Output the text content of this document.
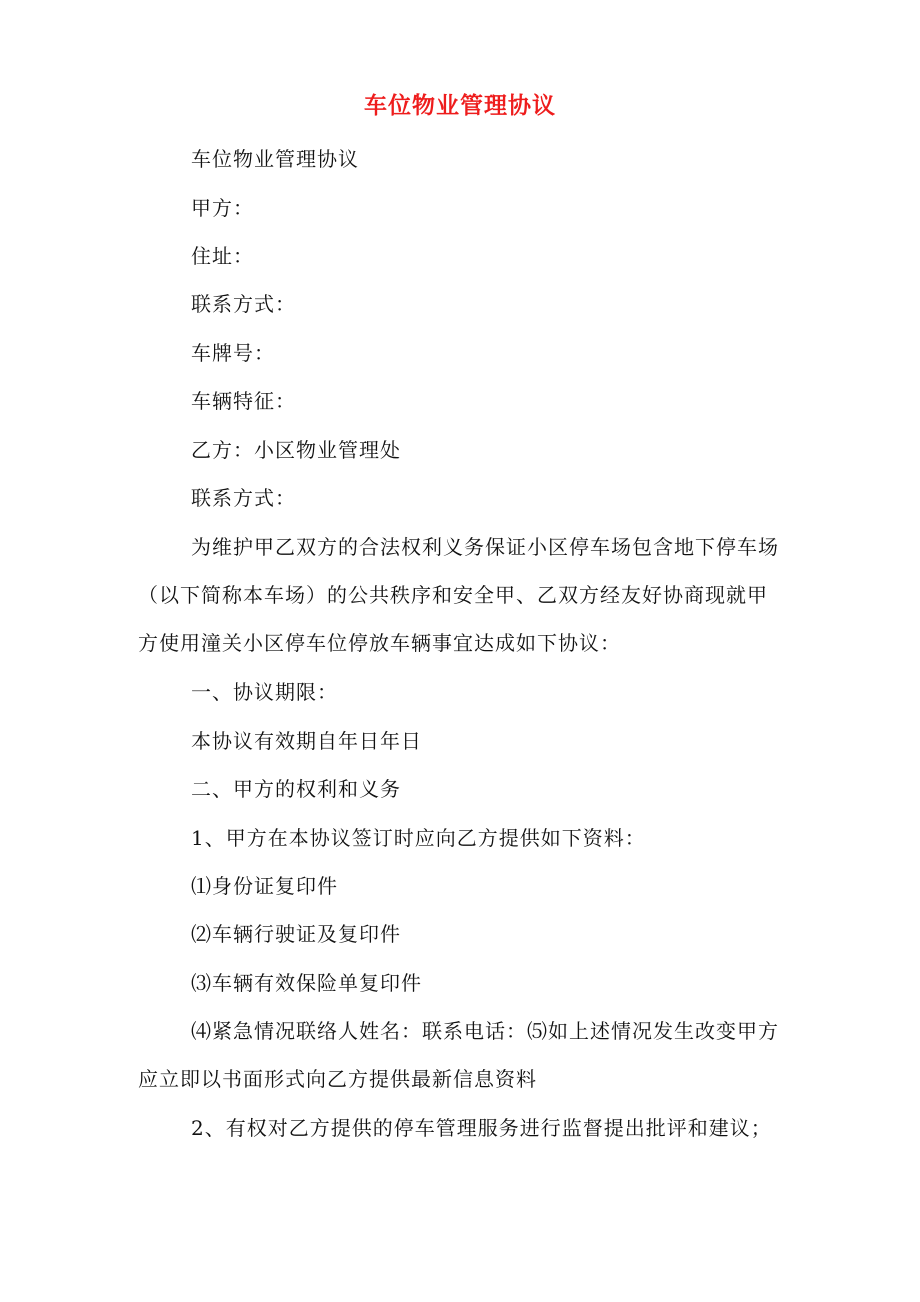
车位物业管理协议
车位物业管理协议
甲方：
住址：
联系方式：
车牌号：
车辆特征：
乙方：小区物业管理处
联系方式：
为维护甲乙双方的合法权利义务保证小区停车场包含地下停车场（以下简称本车场）的公共秩序和安全甲、乙双方经友好协商现就甲 方使用潼关小区停车位停放车辆事宜达成如下协议：
一、协议期限：
本协议有效期自年日年日
二、甲方的权利和义务
1、甲方在本协议签订时应向乙方提供如下资料：
⑴身份证复印件
⑵车辆行驶证及复印件
⑶车辆有效保险单复印件
⑷紧急情况联络人姓名：联系电话：⑸如上述情况发生改变甲方应立即以书面形式向乙方提供最新信息资料
2、有权对乙方提供的停车管理服务进行监督提出批评和建议；
